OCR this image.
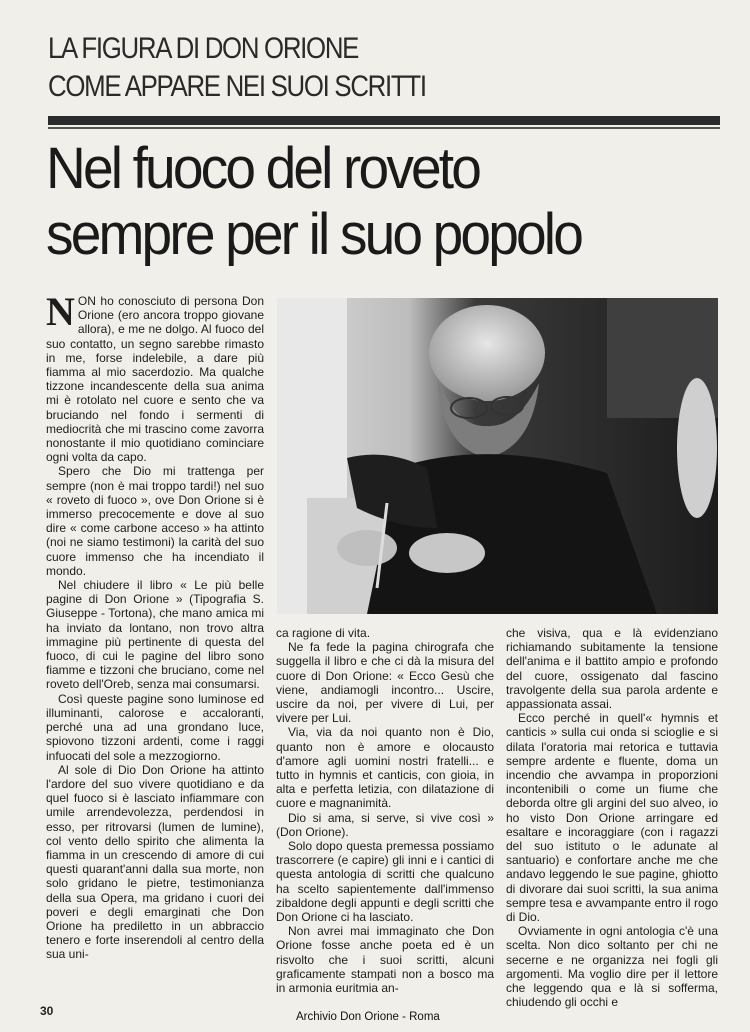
LA FIGURA DI DON ORIONE
COME APPARE NEI SUOI SCRITTI
Nel fuoco del roveto
sempre per il suo popolo

NON ho conosciuto di persona Don Orione (ero ancora troppo giovane allora), e me ne dolgo. Al fuoco del suo contatto, un segno sarebbe rimasto in me, forse indelebile, a dare più fiamma al mio sacerdozio. Ma qualche tizzone incandescente della sua anima mi è rotolato nel cuore e sento che va bruciando nel fondo i sermenti di mediocrità che mi trascino come zavorra nonostante il mio quotidiano cominciare ogni volta da capo.

Spero che Dio mi trattenga per sempre (non è mai troppo tardi!) nel suo « roveto di fuoco », ove Don Orione si è immerso precocemente e dove al suo dire « come carbone acceso » ha attinto (noi ne siamo testimoni) la carità del suo cuore immenso che ha incendiato il mondo.

Nel chiudere il libro « Le più belle pagine di Don Orione » (Tipografia S. Giuseppe - Tortona), che mano amica mi ha inviato da lontano, non trovo altra immagine più pertinente di questa del fuoco, di cui le pagine del libro sono fiamme e tizzoni che bruciano, come nel roveto dell'Oreb, senza mai consumarsi.

Così queste pagine sono luminose ed illuminanti, calorose e accaloranti, perché una ad una grondano luce, spiovono tizzoni ardenti, come i raggi infuocati del sole a mezzogiorno.

Al sole di Dio Don Orione ha attinto l'ardore del suo vivere quotidiano e da quel fuoco si è lasciato infiammare con umile arrendevolezza, perdendosi in esso, per ritrovarsi (lumen de lumine), col vento dello spirito che alimenta la fiamma in un crescendo di amore di cui questi quarant'anni dalla sua morte, non solo gridano le pietre, testimonianza della sua Opera, ma gridano i cuori dei poveri e degli emarginati che Don Orione ha prediletto in un abbraccio tenero e forte inserendoli al centro della sua uni-

ca ragione di vita.

Ne fa fede la pagina chirografa che suggella il libro e che ci dà la misura del cuore di Don Orione: « Ecco Gesù che viene, andiamogli incontro... Uscire, uscire da noi, per vivere di Lui, per vivere per Lui.

Via, via da noi quanto non è Dio, quanto non è amore e olocausto d'amore agli uomini nostri fratelli... e tutto in hymnis et canticis, con gioia, in alta e perfetta letizia, con dilatazione di cuore e magnanimità.

Dio si ama, si serve, si vive così » (Don Orione).

Solo dopo questa premessa possiamo trascorrere (e capire) gli inni e i cantici di questa antologia di scritti che qualcuno ha scelto sapientemente dall'immenso zibaldone degli appunti e degli scritti che Don Orione ci ha lasciato.

Non avrei mai immaginato che Don Orione fosse anche poeta ed è un risvolto che i suoi scritti, alcuni graficamente stampati non a bosco ma in armonia euritmia an-

che visiva, qua e là evidenziano richiamando subitamente la tensione dell'anima e il battito ampio e profondo del cuore, ossigenato dal fascino travolgente della sua parola ardente e appassionata assai.

Ecco perché in quell'« hymnis et canticis » sulla cui onda si scioglie e si dilata l'oratoria mai retorica e tuttavia sempre ardente e fluente, doma un incendio che avvampa in proporzioni incontenibili o come un fiume che deborda oltre gli argini del suo alveo, io ho visto Don Orione arringare ed esaltare e incoraggiare (con i ragazzi del suo istituto o le adunate al santuario) e confortare anche me che andavo leggendo le sue pagine, ghiotto di divorare dai suoi scritti, la sua anima sempre tesa e avvampante entro il rogo di Dio.

Ovviamente in ogni antologia c'è una scelta. Non dico soltanto per chi ne secerne e ne organizza nei fogli gli argomenti. Ma voglio dire per il lettore che leggendo qua e là si sofferma, chiudendo gli occhi e

30	Archivio Don Orione - Roma
